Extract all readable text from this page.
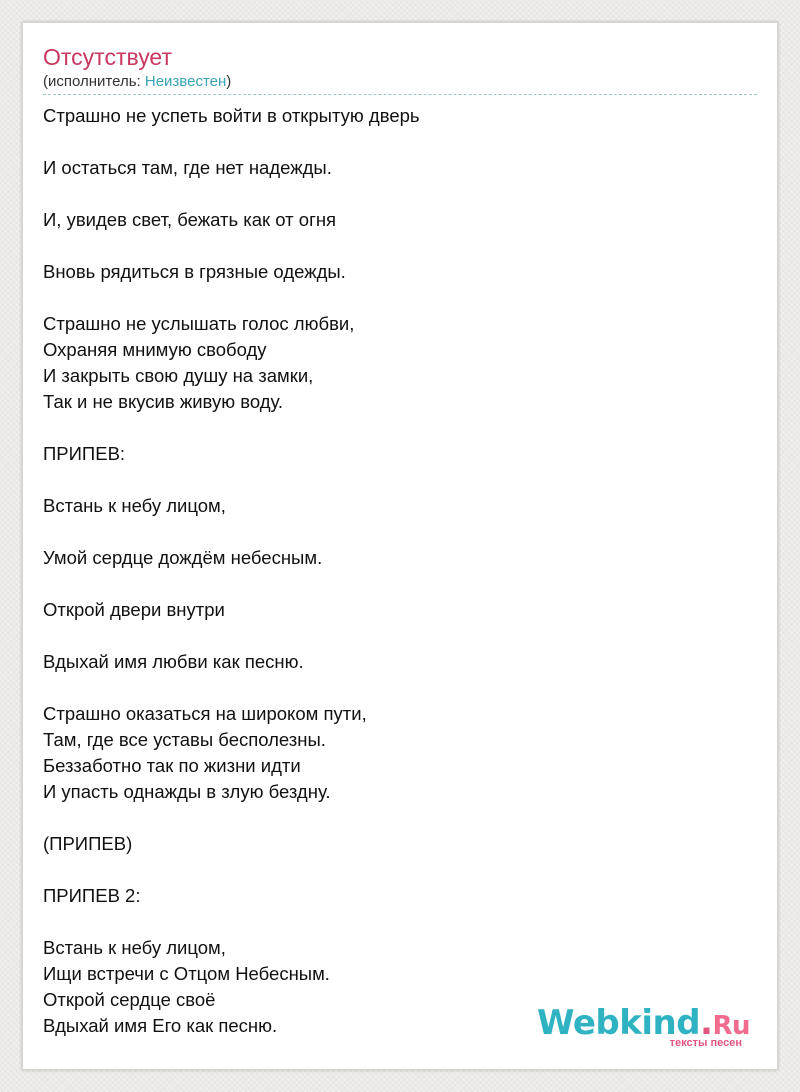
Отсутствует
(исполнитель: Неизвестен)
Страшно не успеть войти в открытую дверь
И остаться там, где нет надежды.
И, увидев свет, бежать как от огня
Вновь рядиться в грязные одежды.
Страшно не услышать голос любви,
Охраняя мнимую свободу
И закрыть свою душу на замки,
Так и не вкусив живую воду.
ПРИПЕВ:
Встань к небу лицом,
Умой сердце дождём небесным.
Открой двери внутри
Вдыхай имя любви как песню.
Страшно оказаться на широком пути,
Там, где все уставы бесполезны.
Беззаботно так по жизни идти
И упасть однажды в злую бездну.
(ПРИПЕВ)
ПРИПЕВ 2:
Встань к небу лицом,
Ищи встречи с Отцом Небесным.
Открой сердце своё
Вдыхай имя Его как песню.	Webkind.Ru
тексты песен
